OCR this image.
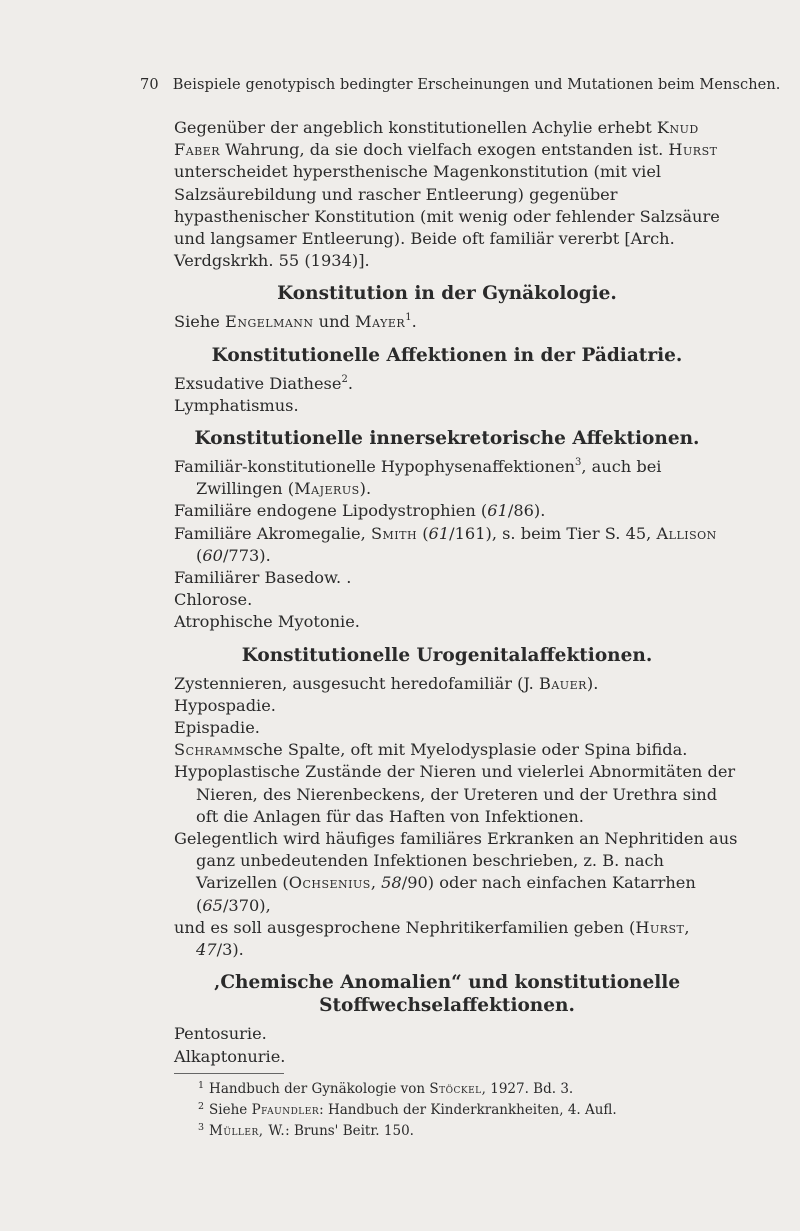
70 Beispiele genotypisch bedingter Erscheinungen und Mutationen beim Menschen.

Gegenüber der angeblich konstitutionellen Achylie erhebt Knud Faber Wahrung, da sie doch vielfach exogen entstanden ist. Hurst unterscheidet hypersthenische Magenkonstitution (mit viel Salzsäurebildung und rascher Entleerung) gegenüber hypasthenischer Konstitution (mit wenig oder fehlender Salzsäure und langsamer Entleerung). Beide oft familiär vererbt [Arch. Verdgskrkh. 55 (1934)].

Konstitution in der Gynäkologie.

Siehe Engelmann und Mayer$^1$.

Konstitutionelle Affektionen in der Pädiatrie.

Exsudative Diathese$^2$.

Lymphatismus.

Konstitutionelle innersekretorische Affektionen.

Familiär-konstitutionelle Hypophysenaffektionen$^3$, auch bei Zwillingen (Majerus).

Familiäre endogene Lipodystrophien (61/86).

Familiäre Akromegalie, Smith (61/161), s. beim Tier S. 45, Allison (60/773).

Familiärer Basedow. .

Chlorose.

Atrophische Myotonie.

Konstitutionelle Urogenitalaffektionen.

Zystennieren, ausgesucht heredofamiliär (J. Bauer).

Hypospadie.

Epispadie.

Schrammsche Spalte, oft mit Myelodysplasie oder Spina bifida.

Hypoplastische Zustände der Nieren und vielerlei Abnormitäten der Nieren, des Nierenbeckens, der Ureteren und der Urethra sind oft die Anlagen für das Haften von Infektionen.

Gelegentlich wird häufiges familiäres Erkranken an Nephritiden aus ganz unbedeutenden Infektionen beschrieben, z. B. nach Varizellen (Ochsenius, 58/90) oder nach einfachen Katarrhen (65/370),

und es soll ausgesprochene Nephritikerfamilien geben (Hurst, 47/3).

‚Chemische Anomalien“ und konstitutionelle Stoffwechselaffektionen.

Pentosurie.

Alkaptonurie.

$^1$ Handbuch der Gynäkologie von Stöckel, 1927. Bd. 3.

$^2$ Siehe Pfaundler: Handbuch der Kinderkrankheiten, 4. Aufl.

$^3$ Müller, W.: Bruns' Beitr. 150.
